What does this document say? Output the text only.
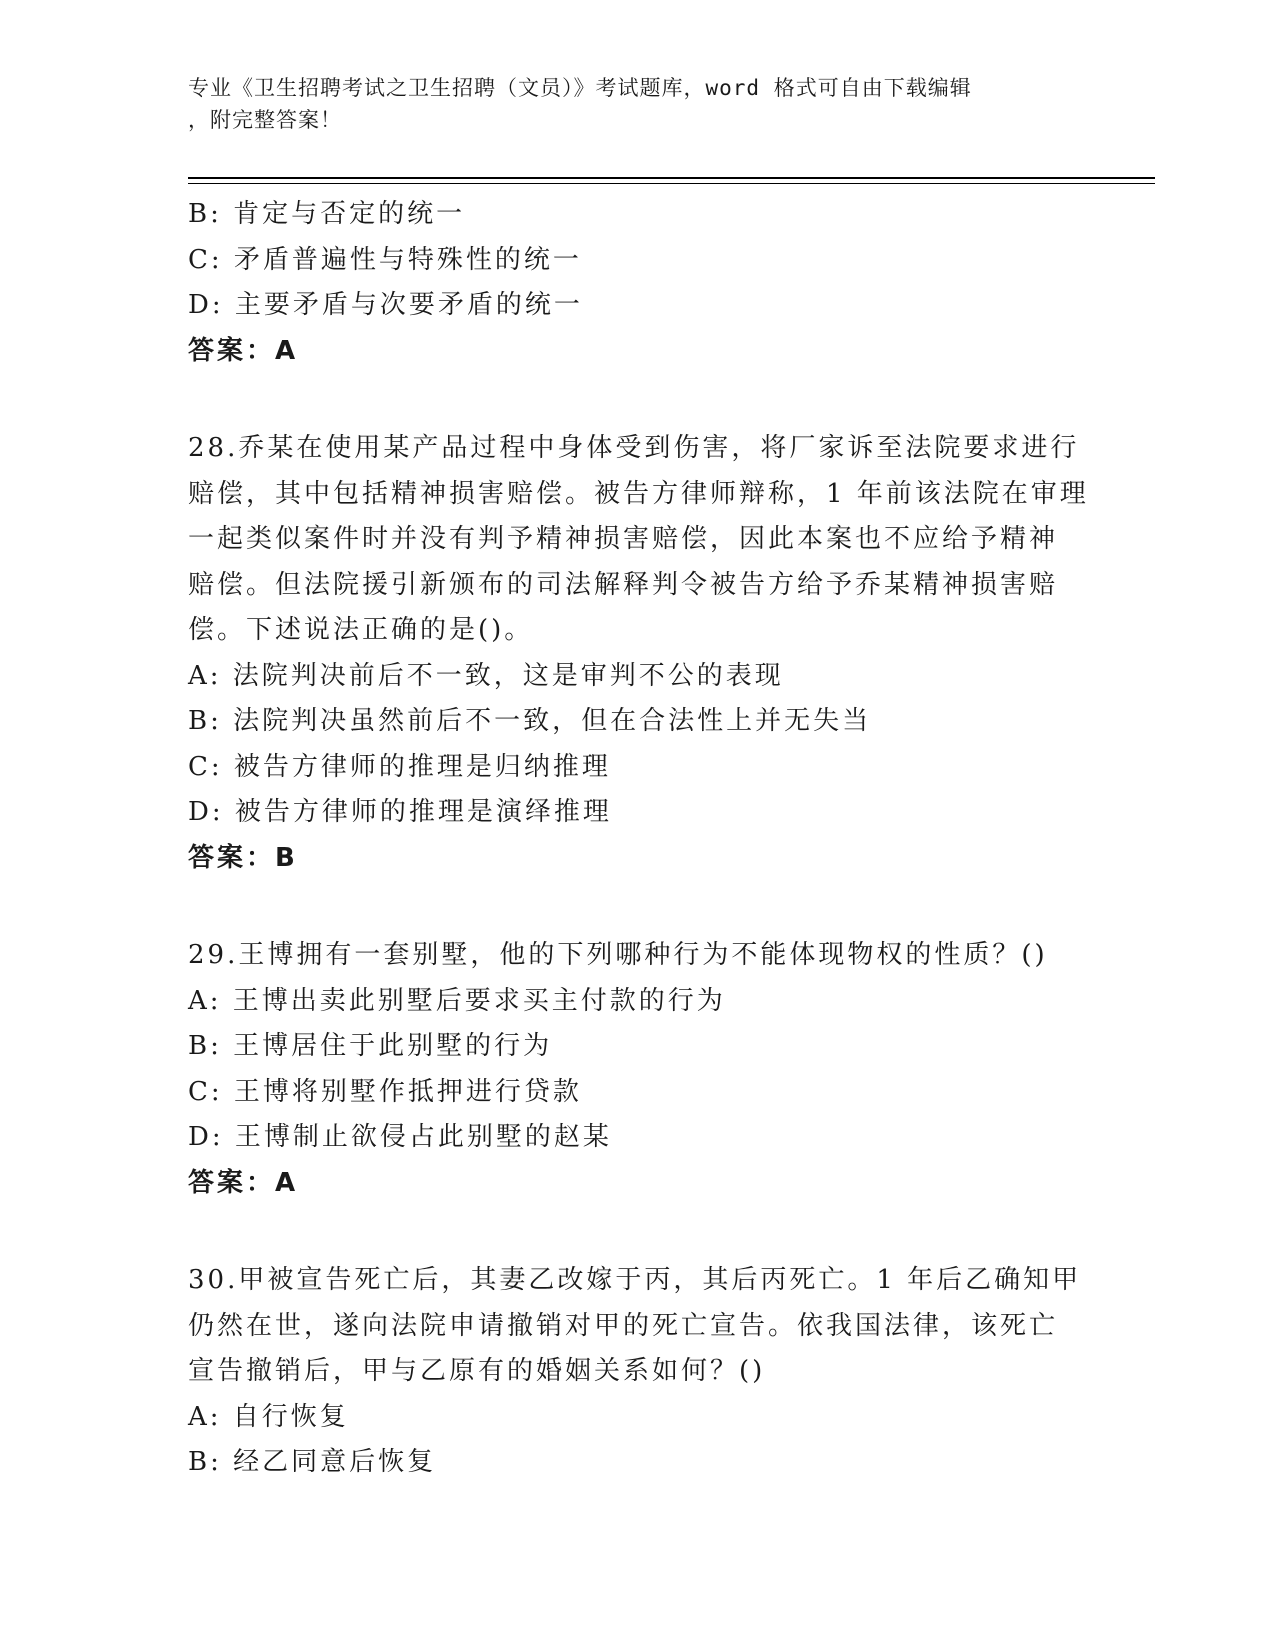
专业《卫生招聘考试之卫生招聘（文员）》考试题库，word 格式可自由下载编辑
，附完整答案！
B: 肯定与否定的统一
C: 矛盾普遍性与特殊性的统一
D: 主要矛盾与次要矛盾的统一
答案：A
28.乔某在使用某产品过程中身体受到伤害，将厂家诉至法院要求进行
赔偿，其中包括精神损害赔偿。被告方律师辩称，1 年前该法院在审理
一起类似案件时并没有判予精神损害赔偿，因此本案也不应给予精神
赔偿。但法院援引新颁布的司法解释判令被告方给予乔某精神损害赔
偿。下述说法正确的是()。
A: 法院判决前后不一致，这是审判不公的表现
B: 法院判决虽然前后不一致，但在合法性上并无失当
C: 被告方律师的推理是归纳推理
D: 被告方律师的推理是演绎推理
答案：B
29.王博拥有一套别墅，他的下列哪种行为不能体现物权的性质？()
A: 王博出卖此别墅后要求买主付款的行为
B: 王博居住于此别墅的行为
C: 王博将别墅作抵押进行贷款
D: 王博制止欲侵占此别墅的赵某
答案：A
30.甲被宣告死亡后，其妻乙改嫁于丙，其后丙死亡。1 年后乙确知甲
仍然在世，遂向法院申请撤销对甲的死亡宣告。依我国法律，该死亡
宣告撤销后，甲与乙原有的婚姻关系如何？()
A: 自行恢复
B: 经乙同意后恢复
